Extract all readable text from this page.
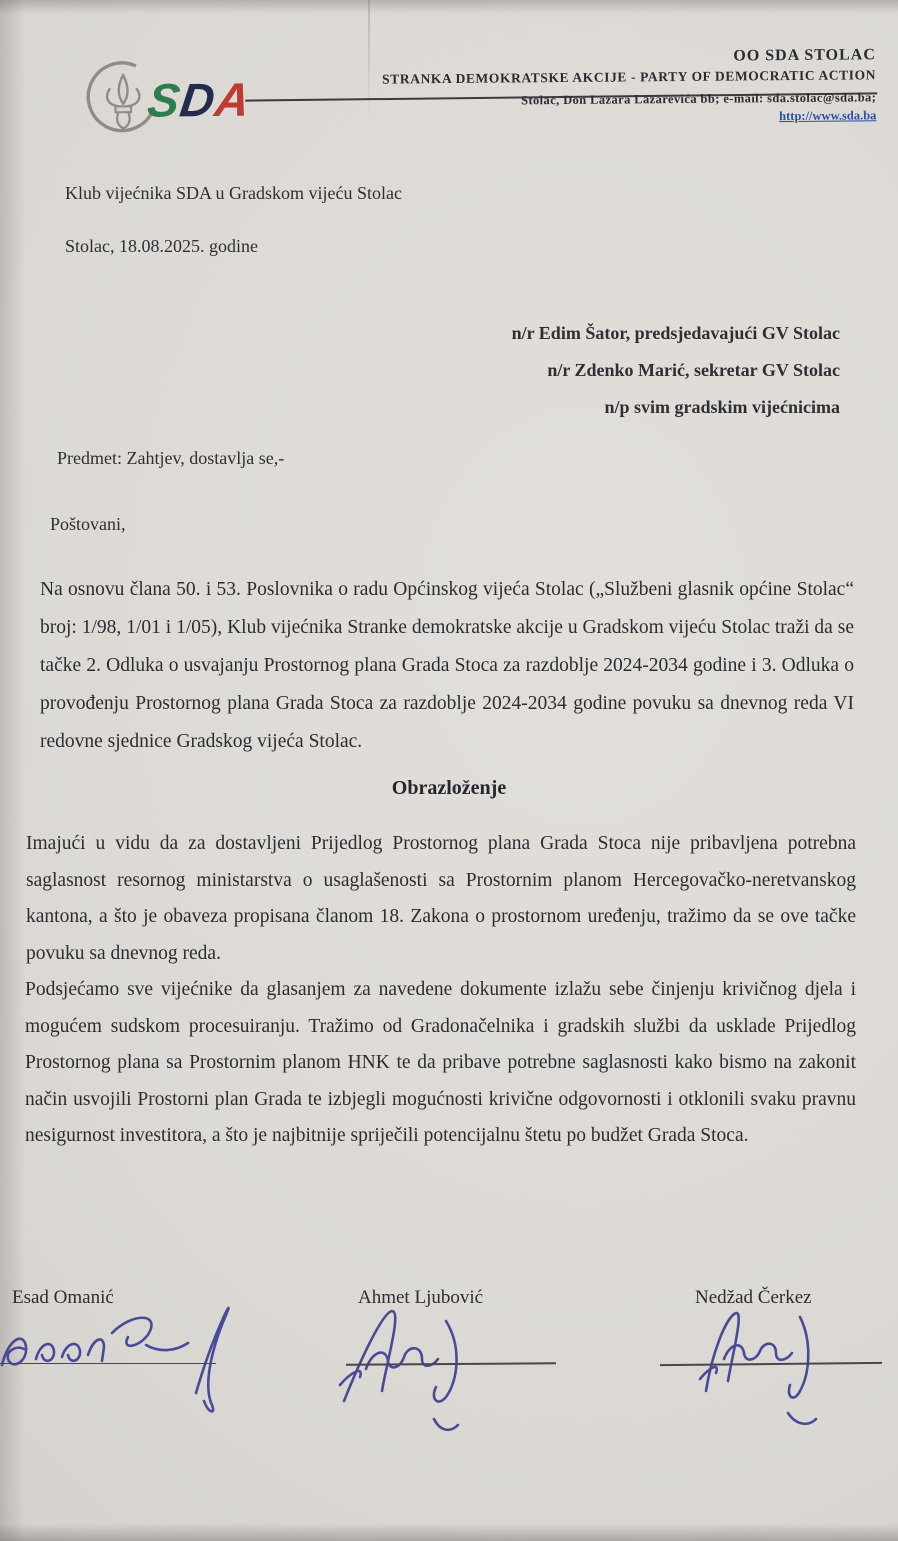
SDA
OO SDA STOLAC
STRANKA DEMOKRATSKE AKCIJE - PARTY OF DEMOCRATIC ACTION
Stolac, Don Lazara Lazarevića bb; e-mail: sda.stolac@sda.ba;
http://www.sda.ba

Klub vijećnika SDA u Gradskom vijeću Stolac

Stolac, 18.08.2025. godine

n/r Edim Šator, predsjedavajući GV Stolac

n/r Zdenko Marić, sekretar GV Stolac

n/p svim gradskim vijećnicima

Predmet: Zahtjev, dostavlja se,-

Poštovani,

Na osnovu člana 50. i 53. Poslovnika o radu Općinskog vijeća Stolac („Službeni glasnik općine Stolac“ broj: 1/98, 1/01 i 1/05), Klub vijećnika Stranke demokratske akcije u Gradskom vijeću Stolac traži da se tačke 2. Odluka o usvajanju Prostornog plana Grada Stoca za razdoblje 2024-2034 godine i 3. Odluka o provođenju Prostornog plana Grada Stoca za razdoblje 2024-2034 godine povuku sa dnevnog reda VI redovne sjednice Gradskog vijeća Stolac.

Obrazloženje

Imajući u vidu da za dostavljeni Prijedlog Prostornog plana Grada Stoca nije pribavljena potrebna saglasnost resornog ministarstva o usaglašenosti sa Prostornim planom Hercegovačko-neretvanskog kantona, a što je obaveza propisana članom 18. Zakona o prostornom uređenju, tražimo da se ove tačke povuku sa dnevnog reda.

Podsjećamo sve vijećnike da glasanjem za navedene dokumente izlažu sebe činjenju krivičnog djela i mogućem sudskom procesuiranju. Tražimo od Gradonačelnika i gradskih službi da usklade Prijedlog Prostornog plana sa Prostornim planom HNK te da pribave potrebne saglasnosti kako bismo na zakonit način usvojili Prostorni plan Grada te izbjegli mogućnosti krivične odgovornosti i otklonili svaku pravnu nesigurnost investitora, a što je najbitnije spriječili potencijalnu štetu po budžet Grada Stoca.

Esad Omanić	Ahmet Ljubović	Nedžad Čerkez
